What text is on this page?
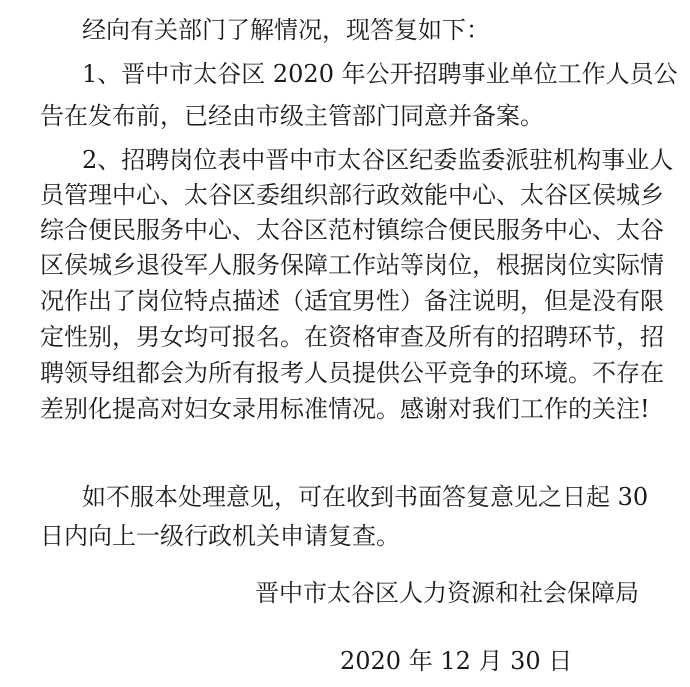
经向有关部门了解情况，现答复如下：
1、晋中市太谷区 2020 年公开招聘事业单位工作人员公
告在发布前，已经由市级主管部门同意并备案。
2、招聘岗位表中晋中市太谷区纪委监委派驻机构事业人
员管理中心、太谷区委组织部行政效能中心、太谷区侯城乡
综合便民服务中心、太谷区范村镇综合便民服务中心、太谷
区侯城乡退役军人服务保障工作站等岗位，根据岗位实际情
况作出了岗位特点描述（适宜男性）备注说明，但是没有限
定性别，男女均可报名。在资格审查及所有的招聘环节，招
聘领导组都会为所有报考人员提供公平竞争的环境。不存在
差别化提高对妇女录用标准情况。感谢对我们工作的关注!
如不服本处理意见，可在收到书面答复意见之日起 30
日内向上一级行政机关申请复查。
晋中市太谷区人力资源和社会保障局
2020 年 12 月 30 日
